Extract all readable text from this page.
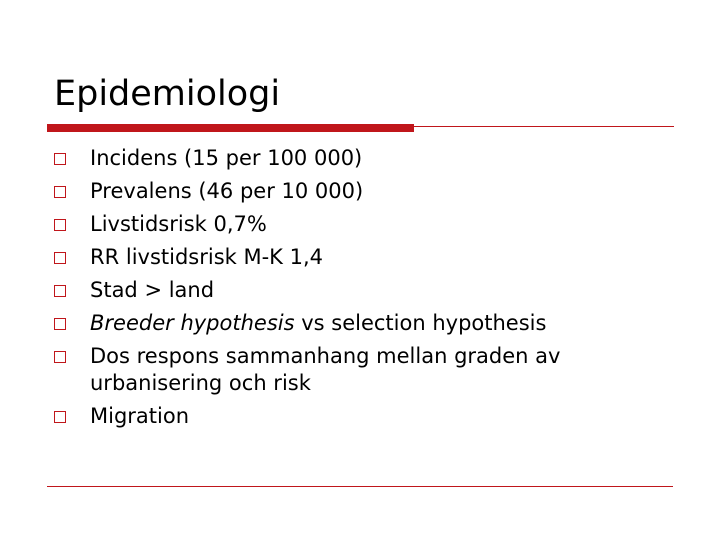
Epidemiologi
Incidens (15 per 100 000)
Prevalens (46 per 10 000)
Livstidsrisk 0,7%
RR livstidsrisk M-K 1,4
Stad > land
Breeder hypothesis vs selection hypothesis
Dos respons sammanhang mellan graden av
urbanisering och risk
Migration
